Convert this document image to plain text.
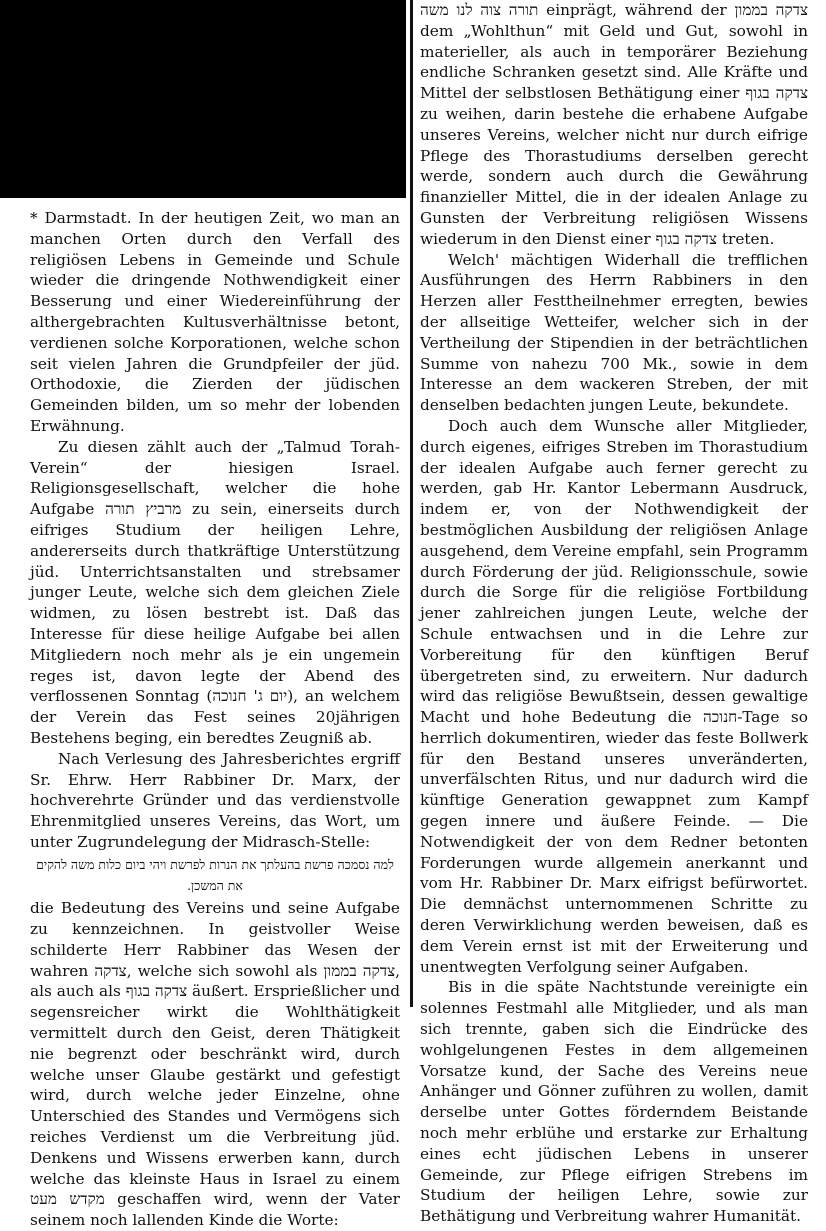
* Darmstadt. In der heutigen Zeit, wo man an manchen Orten durch den Verfall des religiösen Lebens in Gemeinde und Schule wieder die dringende Nothwendigkeit einer Besserung und einer Wiedereinführung der althergebrachten Kultusverhältnisse betont, verdienen solche Korporationen, welche schon seit vielen Jahren die Grundpfeiler der jüd. Orthodoxie, die Zierden der jüdischen Gemeinden bilden, um so mehr der lobenden Erwähnung.

Zu diesen zählt auch der „Talmud Torah-Verein“ der hiesigen Israel. Religionsgesellschaft, welcher die hohe Aufgabe מרביץ תורה zu sein, einerseits durch eifriges Studium der heiligen Lehre, andererseits durch thatkräftige Unterstützung jüd. Unterrichtsanstalten und strebsamer junger Leute, welche sich dem gleichen Ziele widmen, zu lösen bestrebt ist. Daß das Interesse für diese heilige Aufgabe bei allen Mitgliedern noch mehr als je ein ungemein reges ist, davon legte der Abend des verflossenen Sonntag (יום ג' חנוכה), an welchem der Verein das Fest seines 20jährigen Bestehens beging, ein beredtes Zeugniß ab.

Nach Verlesung des Jahresberichtes ergriff Sr. Ehrw. Herr Rabbiner Dr. Marx, der hochverehrte Gründer und das verdienstvolle Ehrenmitglied unseres Vereins, das Wort, um unter Zugrundelegung der Midrasch-Stelle:

למה נסמכה פרשת בהעלתך את הנרות לפרשת ויהי ביום כלות משה להקים את המשכן.

die Bedeutung des Vereins und seine Aufgabe zu kennzeichnen. In geistvoller Weise schilderte Herr Rabbiner das Wesen der wahren צדקה, welche sich sowohl als צדקה בממון, als auch als צדקה בגוף äußert. Ersprießlicher und segensreicher wirkt die Wohlthätigkeit vermittelt durch den Geist, deren Thätigkeit nie begrenzt oder beschränkt wird, durch welche unser Glaube gestärkt und gefestigt wird, durch welche jeder Einzelne, ohne Unterschied des Standes und Vermögens sich reiches Verdienst um die Verbreitung jüd. Denkens und Wissens erwerben kann, durch welche das kleinste Haus in Israel zu einem מקדש מעט geschaffen wird, wenn der Vater seinem noch lallenden Kinde die Worte:

תורה צוה לנו משה einprägt, während der צדקה בממון dem „Wohlthun“ mit Geld und Gut, sowohl in materieller, als auch in temporärer Beziehung endliche Schranken gesetzt sind. Alle Kräfte und Mittel der selbstlosen Bethätigung einer צדקה בגוף zu weihen, darin bestehe die erhabene Aufgabe unseres Vereins, welcher nicht nur durch eifrige Pflege des Thorastudiums derselben gerecht werde, sondern auch durch die Gewährung finanzieller Mittel, die in der idealen Anlage zu Gunsten der Verbreitung religiösen Wissens wiederum in den Dienst einer צדקה בגוף treten.

Welch' mächtigen Widerhall die trefflichen Ausführungen des Herrn Rabbiners in den Herzen aller Festtheilnehmer erregten, bewies der allseitige Wetteifer, welcher sich in der Vertheilung der Stipendien in der beträchtlichen Summe von nahezu 700 Mk., sowie in dem Interesse an dem wackeren Streben, der mit denselben bedachten jungen Leute, bekundete.

Doch auch dem Wunsche aller Mitglieder, durch eigenes, eifriges Streben im Thorastudium der idealen Aufgabe auch ferner gerecht zu werden, gab Hr. Kantor Lebermann Ausdruck, indem er, von der Nothwendigkeit der bestmöglichen Ausbildung der religiösen Anlage ausgehend, dem Vereine empfahl, sein Programm durch Förderung der jüd. Religionsschule, sowie durch die Sorge für die religiöse Fortbildung jener zahlreichen jungen Leute, welche der Schule entwachsen und in die Lehre zur Vorbereitung für den künftigen Beruf übergetreten sind, zu erweitern. Nur dadurch wird das religiöse Bewußtsein, dessen gewaltige Macht und hohe Bedeutung die חנוכה-Tage so herrlich dokumentiren, wieder das feste Bollwerk für den Bestand unseres unveränderten, unverfälschten Ritus, und nur dadurch wird die künftige Generation gewappnet zum Kampf gegen innere und äußere Feinde. — Die Notwendigkeit der von dem Redner betonten Forderungen wurde allgemein anerkannt und vom Hr. Rabbiner Dr. Marx eifrigst befürwortet. Die demnächst unternommenen Schritte zu deren Verwirklichung werden beweisen, daß es dem Verein ernst ist mit der Erweiterung und unentwegten Verfolgung seiner Aufgaben.

Bis in die späte Nachtstunde vereinigte ein solennes Festmahl alle Mitglieder, und als man sich trennte, gaben sich die Eindrücke des wohlgelungenen Festes in dem allgemeinen Vorsatze kund, der Sache des Vereins neue Anhänger und Gönner zuführen zu wollen, damit derselbe unter Gottes förderndem Beistande noch mehr erblühe und erstarke zur Erhaltung eines echt jüdischen Lebens in unserer Gemeinde, zur Pflege eifrigen Strebens im Studium der heiligen Lehre, sowie zur Bethätigung und Verbreitung wahrer Humanität.
